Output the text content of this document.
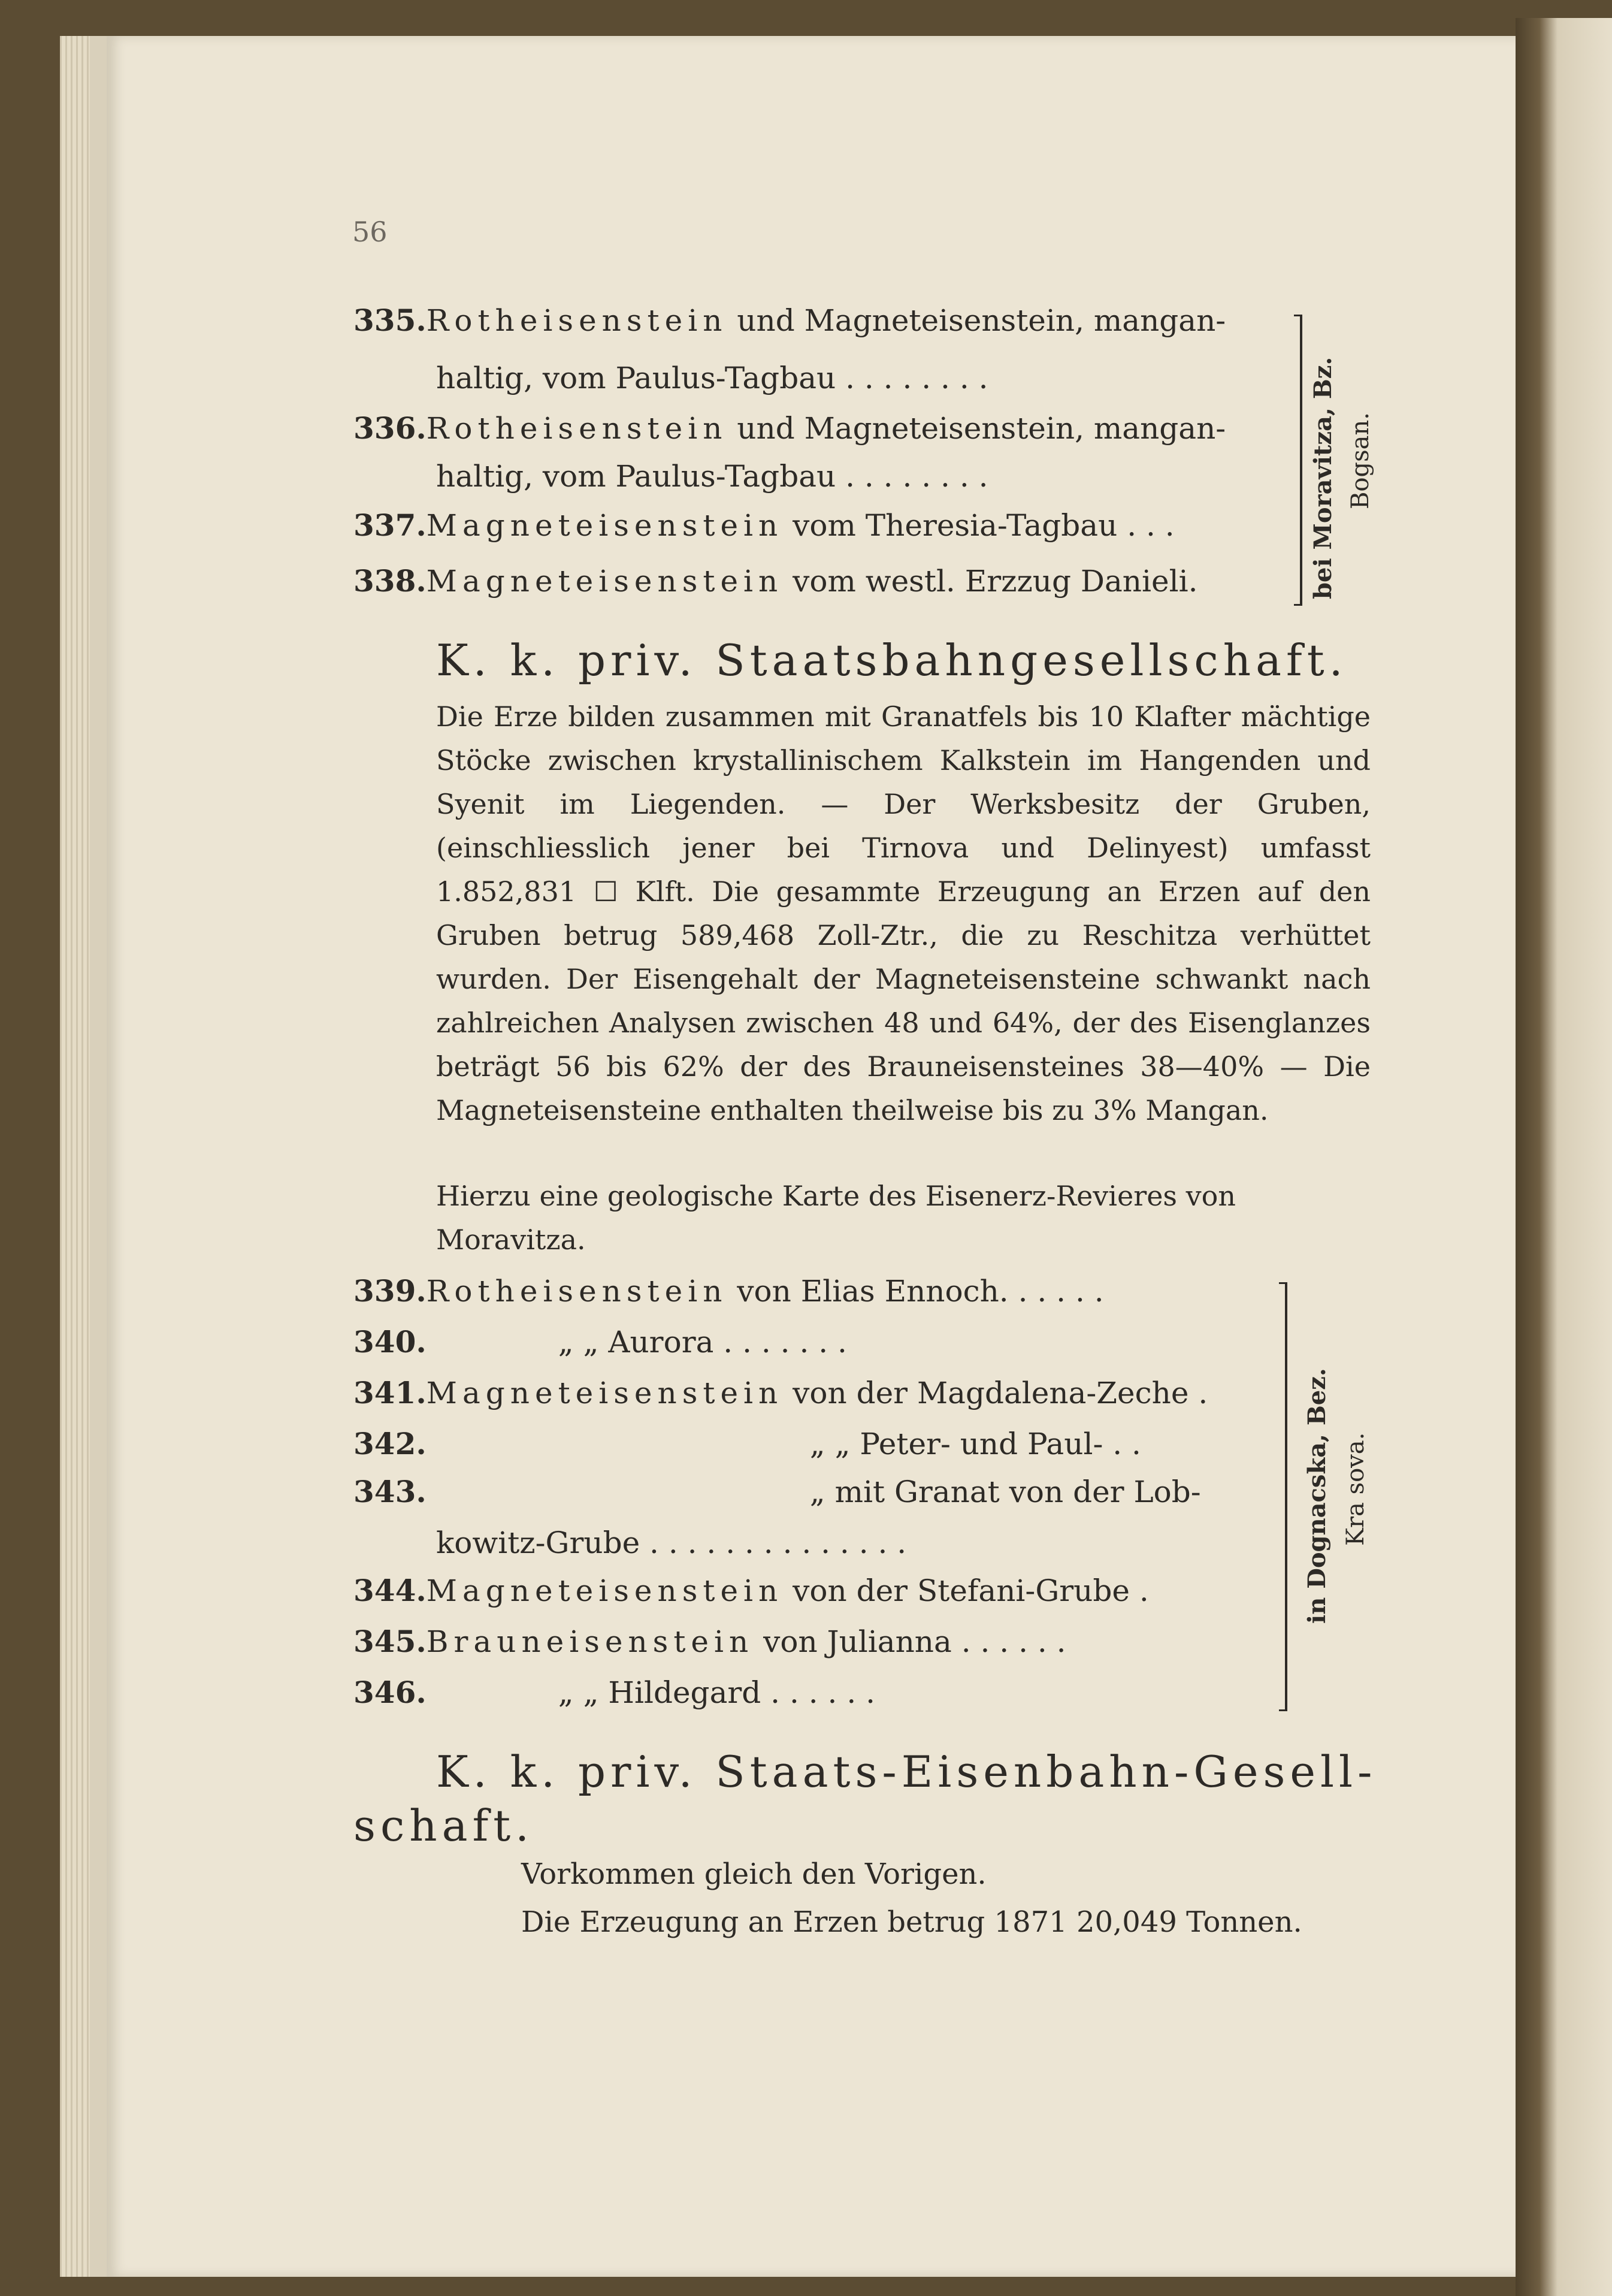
56
335.Rotheisenstein und Magneteisenstein, mangan-
haltig, vom Paulus-Tagbau . . . . . . . .
336.Rotheisenstein und Magneteisenstein, mangan-
haltig, vom Paulus-Tagbau . . . . . . . .
337.Magneteisenstein vom Theresia-Tagbau . . .
338.Magneteisenstein vom westl. Erzzug Danieli.	bei Moravitza, Bz. Bogsan.
K. k. priv. Staatsbahngesellschaft.
Die Erze bilden zusammen mit Granatfels bis 10 Klafter mächtige Stöcke zwischen krystallinischem Kalkstein im Hangenden und Syenit im Liegenden. — Der Werksbesitz der Gruben, (einschliesslich jener bei Tirnova und Delinyest) umfasst 1.852,831 ☐ Klft. Die gesammte Erzeugung an Erzen auf den Gruben betrug 589,468 Zoll-Ztr., die zu Reschitza verhüttet wurden. Der Eisengehalt der Magneteisensteine schwankt nach zahlreichen Analysen zwischen 48 und 64%, der des Eisenglanzes beträgt 56 bis 62% der des Brauneisensteines 38—40% — Die Magneteisensteine enthalten theilweise bis zu 3% Mangan.
Hierzu eine geologische Karte des Eisenerz-Revieres von Moravitza.
339.Rotheisenstein von Elias Ennoch. . . . . .
340.	„ „ Aurora . . . . . . .
341.Magneteisenstein von der Magdalena-Zeche .
342.	„ „ Peter- und Paul- . .
343.	„ mit Granat von der Lob-
kowitz-Grube . . . . . . . . . . . . . .
344.Magneteisenstein von der Stefani-Grube .
345.Brauneisenstein von Julianna . . . . . .
346.	„ „ Hildegard . . . . . .
in Dognacska, Bez. Kra sova.
K. k. priv. Staats-Eisenbahn-Gesell-
schaft.
Vorkommen gleich den Vorigen.
Die Erzeugung an Erzen betrug 1871 20,049 Tonnen.
